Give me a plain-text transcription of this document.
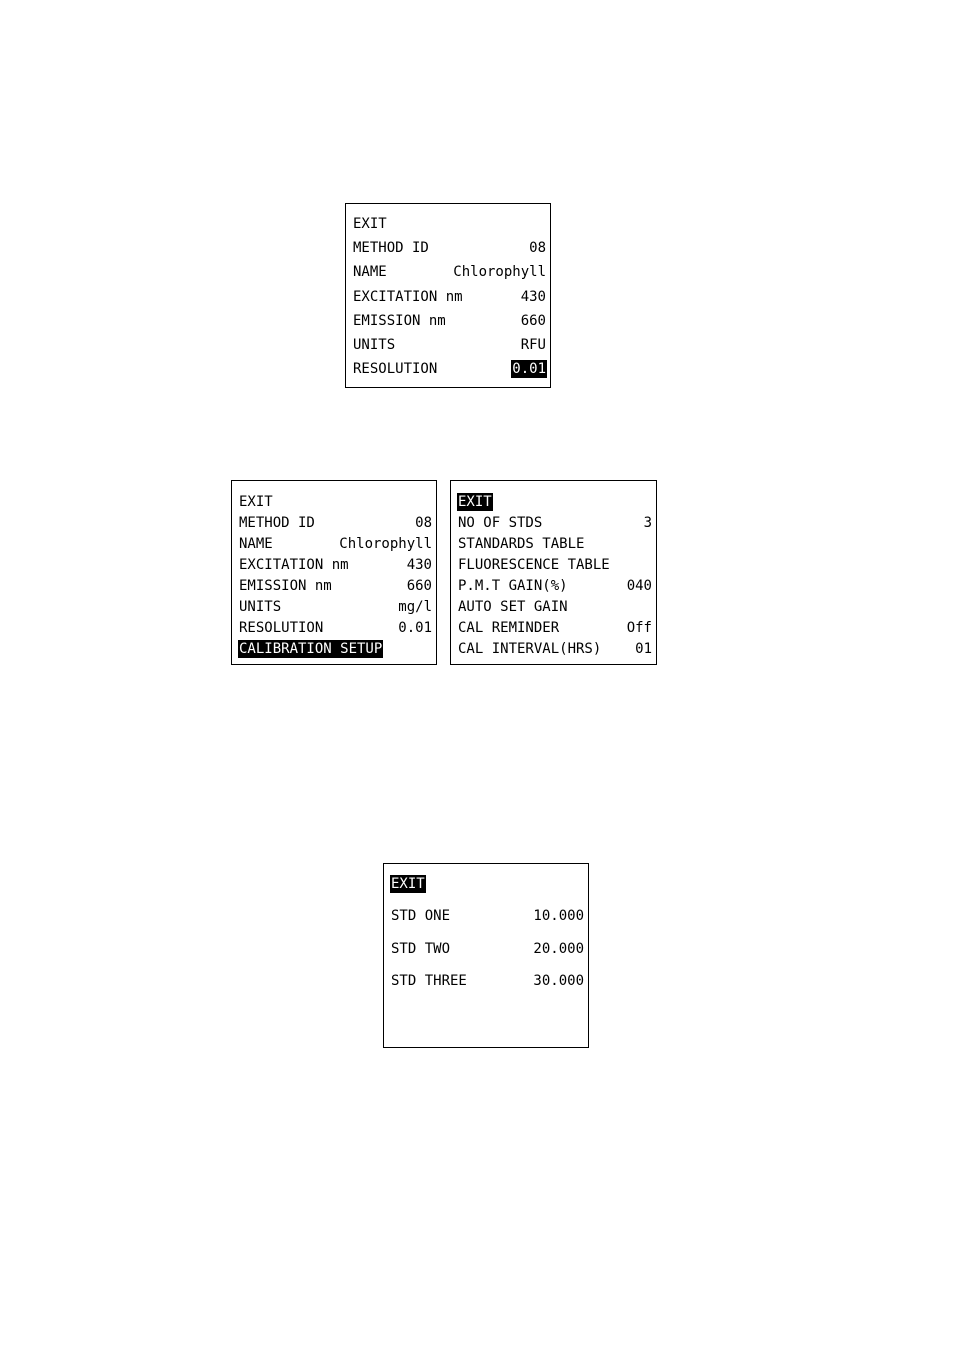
EXIT
METHOD ID	08
NAME	Chlorophyll
EXCITATION nm	430
EMISSION nm	660
UNITS	RFU
RESOLUTION	0.01
EXIT
METHOD ID	08
NAME	Chlorophyll
EXCITATION nm	430
EMISSION nm	660
UNITS	mg/l
RESOLUTION	0.01
CALIBRATION SETUP
EXIT
NO OF STDS	3
STANDARDS TABLE
FLUORESCENCE TABLE
P.M.T GAIN(%)	040
AUTO SET GAIN
CAL REMINDER	Off
CAL INTERVAL(HRS) 01
EXIT
STD ONE	10.000
STD TWO	20.000
STD THREE	30.000
